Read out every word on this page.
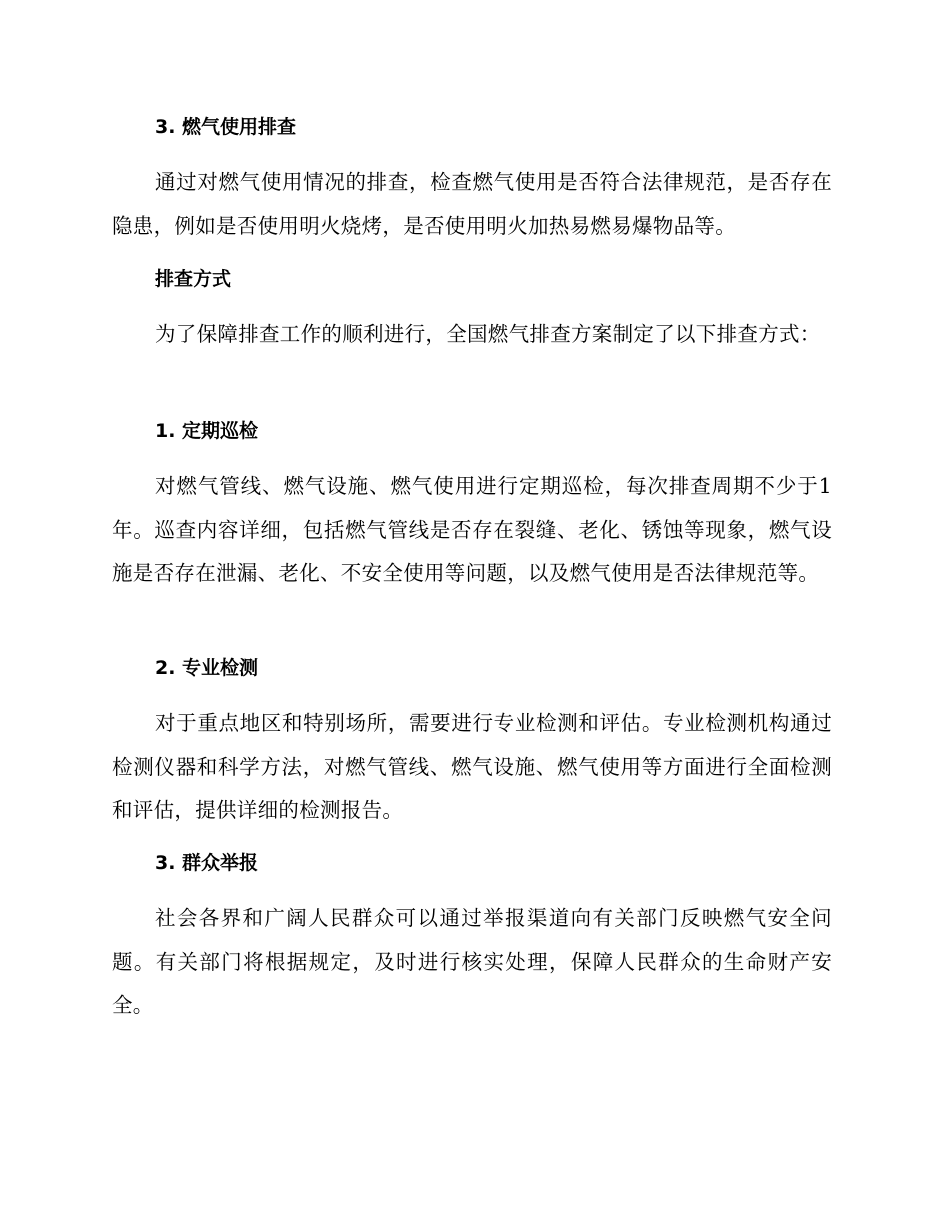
3. 燃气使用排查
通过对燃气使用情况的排查，检查燃气使用是否符合法律规范，是否存在隐患，例如是否使用明火烧烤，是否使用明火加热易燃易爆物品等。
排查方式
为了保障排查工作的顺利进行，全国燃气排查方案制定了以下排查方式：
1. 定期巡检
对燃气管线、燃气设施、燃气使用进行定期巡检，每次排查周期不少于1年。巡查内容详细，包括燃气管线是否存在裂缝、老化、锈蚀等现象，燃气设施是否存在泄漏、老化、不安全使用等问题，以及燃气使用是否法律规范等。
2. 专业检测
对于重点地区和特别场所，需要进行专业检测和评估。专业检测机构通过检测仪器和科学方法，对燃气管线、燃气设施、燃气使用等方面进行全面检测和评估，提供详细的检测报告。
3. 群众举报
社会各界和广阔人民群众可以通过举报渠道向有关部门反映燃气安全问题。有关部门将根据规定，及时进行核实处理，保障人民群众的生命财产安全。
